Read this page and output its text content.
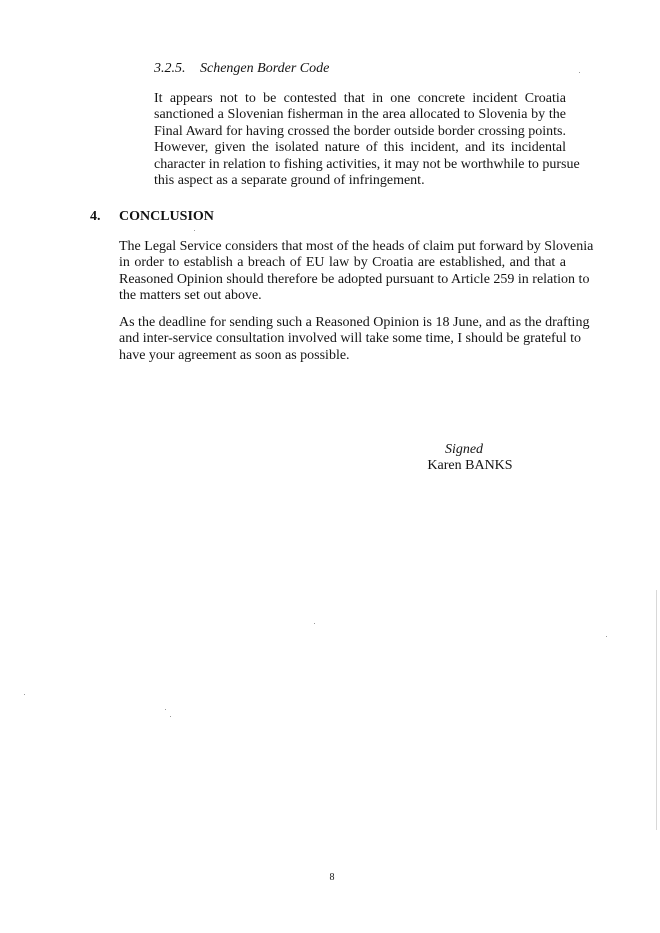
3.2.5. Schengen Border Code
It appears not to be contested that in one concrete incident Croatia
sanctioned a Slovenian fisherman in the area allocated to Slovenia by the
Final Award for having crossed the border outside border crossing points.
However, given the isolated nature of this incident, and its incidental
character in relation to fishing activities, it may not be worthwhile to pursue
this aspect as a separate ground of infringement.
4. CONCLUSION
The Legal Service considers that most of the heads of claim put forward by Slovenia
in order to establish a breach of EU law by Croatia are established, and that a
Reasoned Opinion should therefore be adopted pursuant to Article 259 in relation to
the matters set out above.
As the deadline for sending such a Reasoned Opinion is 18 June, and as the drafting
and inter-service consultation involved will take some time, I should be grateful to
have your agreement as soon as possible.
Signed
Karen BANKS
8
